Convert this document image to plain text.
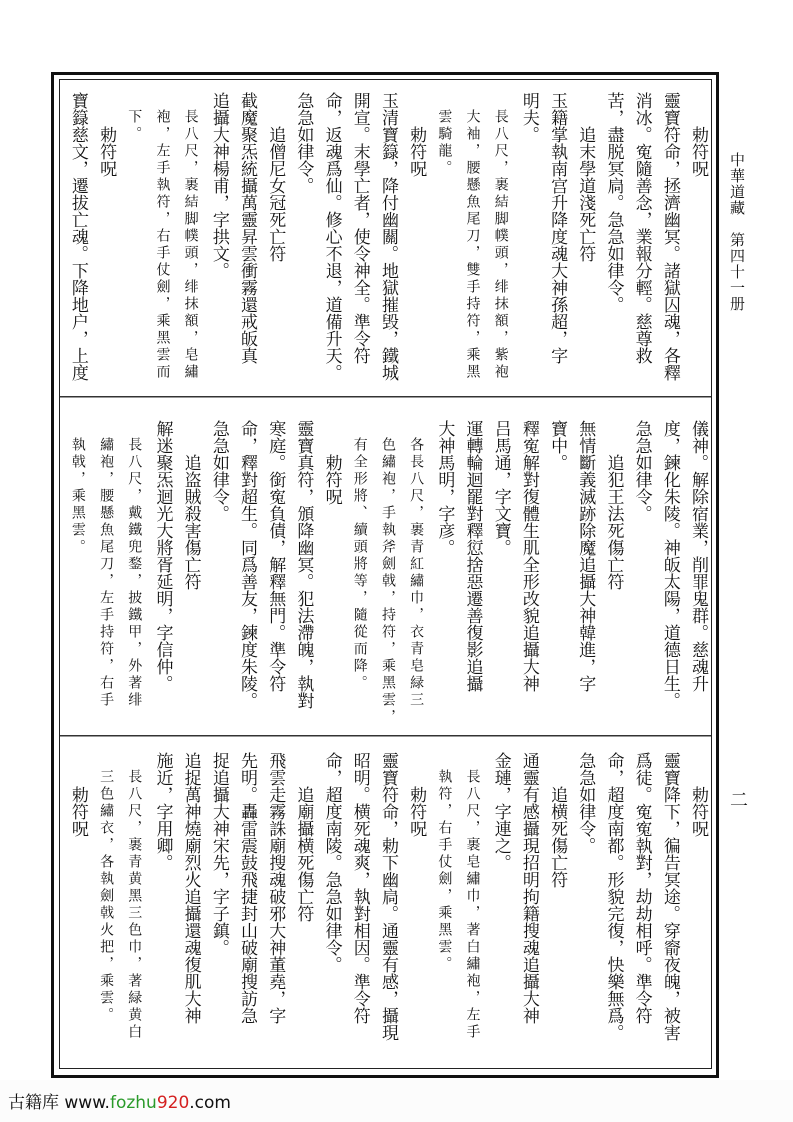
勅符呪
靈寶符命，拯濟幽冥。諸獄囚魂，各釋
消冰。寃隨善念，業報分輕。慈尊救
苦，盡脱冥扃。急急如律令。
追末學道淺死亡符
玉籍掌執南宫升降度魂大神孫超，字
明夫。
長八尺，裹結脚幞頭，绯抹額，紫袍
大袖，腰懸魚尾刀，雙手持符，乘黑
雲騎龍。
勅符呪
玉清寶籙，降付幽關。地獄摧毁，鐵城
開宣。末學亡者，使令神全。準令符
命，返魂爲仙。修心不退，道備升天。
急急如律令。
追僧尼女冠死亡符
截魔聚炁統攝萬靈昇雲衝霧還戒皈真
追攝大神楊甫，字拱文。
長八尺，裹結脚幞頭，绯抹額，皂繡
袍，左手執符，右手仗劍，乘黑雲而
下。
勅符呪
寶籙慈文，遷拔亡魂。下降地户，上度
儀神。解除宿業，削罪鬼群。慈魂升
度，鍊化朱陵。神皈太陽，道德日生。
急急如律令。
追犯王法死傷亡符
無情斷義滅跡除魔追攝大神韓進，字
寶中。
釋寃解對復體生肌全形改貌追攝大神
吕馬通，字文寶。
運轉輪迴罷對釋愆捨惡遷善復影追攝
大神馬明，字彦。
各長八尺，裹青紅繡巾，衣青皂緑三
色繡袍，手執斧劍戟，持符，乘黑雲，
有全形將、續頭將等，隨從而降。
勅符呪
靈寶真符，頒降幽冥。犯法滯魄，執對
寒庭。銜寃負債，解釋無門。準令符
命，釋對超生。同爲善友，鍊度朱陵。
急急如律令。
追盗賊殺害傷亡符
解迷聚炁迴光大將胥延明，字信仲。
長八尺，戴鐵兜鍪，披鐵甲，外著绯
繡袍，腰懸魚尾刀，左手持符，右手
執戟，乘黑雲。
勅符呪
靈寶降下，徧告冥途。穿窬夜魄，被害
爲徒。寃寃執對，劫劫相呼。準令符
命，超度南都。形貌完復，快樂無爲。
急急如律令。
追横死傷亡符
通靈有感攝現招明拘籍搜魂追攝大神
金璉，字連之。
長八尺，裹皂繡巾，著白繡袍，左手
執符，右手仗劍，乘黑雲。
勅符呪
靈寶符命，勅下幽扃。通靈有感，攝現
昭明。横死魂爽，執對相因。準令符
命，超度南陵。急急如律令。
追廟攝横死傷亡符
飛雲走霧誅廟搜魂破邪大神董堯，字
先明。轟雷震鼓飛捷封山破廟搜訪急
捉追攝大神宋先，字子鎮。
追捉萬神燒廟烈火追攝還魂復肌大神
施近，字用卿。
長八尺，裹青黄黑三色巾，著緑黄白
三色繡衣，各執劍戟火把，乘雲。
勅符呪
中華道藏　第四十一册
二
古籍库 www.fozhu920.com
